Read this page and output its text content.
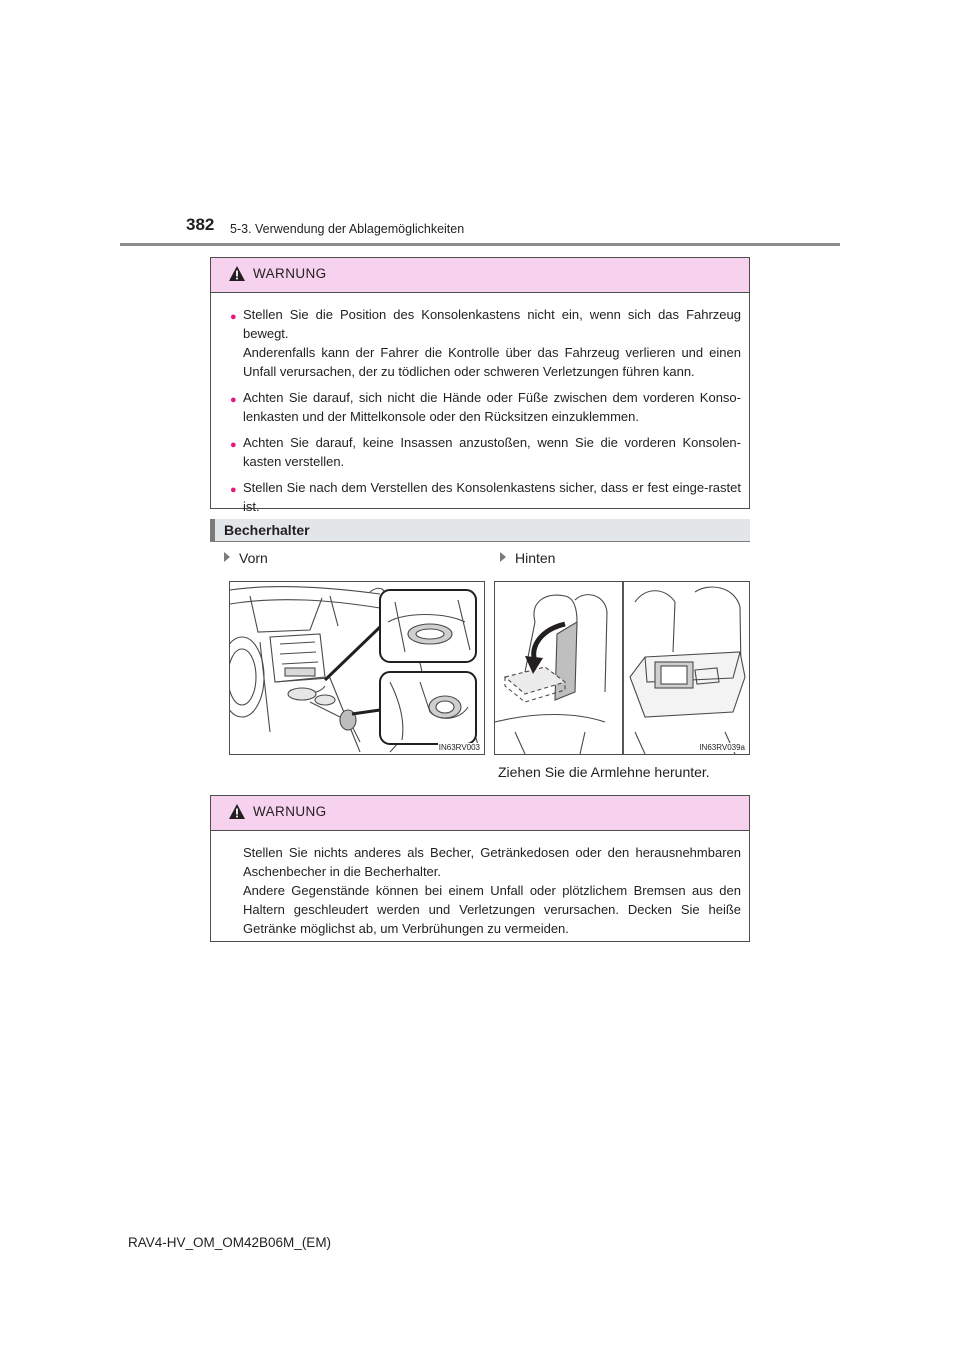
382 5-3. Verwendung der Ablagemöglichkeiten
WARNUNG
● Stellen Sie die Position des Konsolenkastens nicht ein, wenn sich das Fahrzeug bewegt.
Anderenfalls kann der Fahrer die Kontrolle über das Fahrzeug verlieren und einen Unfall verursachen, der zu tödlichen oder schweren Verletzungen führen kann.
● Achten Sie darauf, sich nicht die Hände oder Füße zwischen dem vorderen Konso-lenkasten und der Mittelkonsole oder den Rücksitzen einzuklemmen.
● Achten Sie darauf, keine Insassen anzustoßen, wenn Sie die vorderen Konsolen-kasten verstellen.
● Stellen Sie nach dem Verstellen des Konsolenkastens sicher, dass er fest einge-rastet ist.
Becherhalter
Vorn	Hinten
IN63RV003	IN63RV039a
Ziehen Sie die Armlehne herunter.
WARNUNG
Stellen Sie nichts anderes als Becher, Getränkedosen oder den herausnehmbaren Aschenbecher in die Becherhalter.
Andere Gegenstände können bei einem Unfall oder plötzlichem Bremsen aus den Haltern geschleudert werden und Verletzungen verursachen. Decken Sie heiße Getränke möglichst ab, um Verbrühungen zu vermeiden.
RAV4-HV_OM_OM42B06M_(EM)
